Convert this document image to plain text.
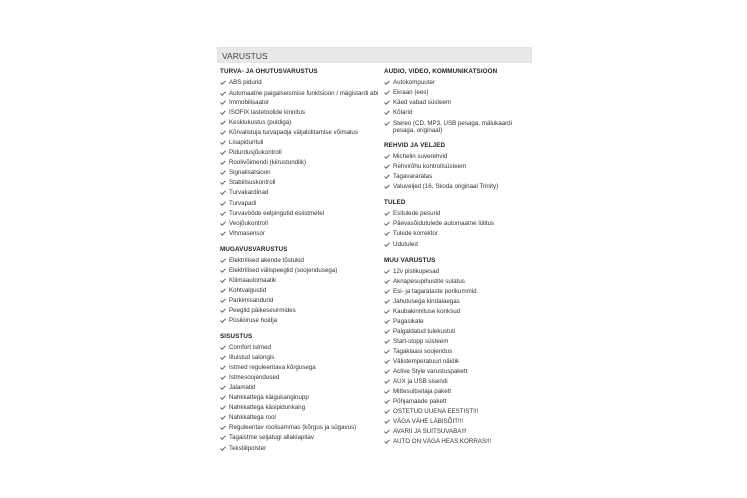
VARUSTUS
TURVA- JA OHUTUSVARUSTUS
ABS pidurid
Automaatne paigalseismise funktsioon / mägistardi abi
Immobilisaator
ISOFIX lastetoolide kinnitus
Kesklukustus (puldiga)
Kõrvalistuja turvapadja väljalülitamise võimalus
Lisapidurituli
Pidurdusjõukontroll
Roolivõimendi (kiirustundlik)
Signalisatsioon
Stabiilsuskontroll
Turvakardinad
Turvapadi
Turvavööde eelpingutid esiistmetel
Veojõukontroll
Vihmasensor
MUGAVUSVARUSTUS
Elektrilised akende tõstukid
Elektrilised välispeeglid (soojendusega)
Kliimaautomaatik
Kohtvalgustid
Parkimisandurid
Peeglid päikesesirmides
Püsikiiruse hoidja
SISUSTUS
Comfort istmed
Illuistud salongis
Istmed reguleeritava kõrgusega
Istmesoojendused
Jalamatid
Nahkkattega käigukanginupp
Nahkkattega käsipidurikang
Nahkkattega rool
Reguleeritav roolisammas (kõrgus ja sügavus)
Tagaistme seljatugi allaklapitav
Tekstiilpolster
AUDIO, VIDEO, KOMMUNIKATSIOON
Autokompuuter
Ekraan (ees)
Käed vabad süsteem
Kõlarid
Stereo (CD, MP3, USB pesaga, mälukaardi pesaga, originaal)
REHVID JA VELJED
Michelin suverehvid
Rehvirõhu kontrollsüsteem
Tagavararatas
Valuveljed (16, Skoda originaal Trinity)
TULED
Esitulede pesurid
Päevasõidutulede automaatne lülitus
Tulede korrektor
Udutuled
MUU VARUSTUS
12v pistikupesad
Aknapesupihustite sulatus
Esi- ja tagarataste porikummid
Jahutusega kindalaegas
Kaubakinnituse konksud
Pagasikate
Paigaldatud tulekustuti
Start-stopp süsteem
Tagaklaasi soojendus
Välistemperatuuri näidik
Active Style varustuspakett
AUX ja USB sisendi
Mittesuitsetaja pakett
Põhjamaade pakett
OSTETUD UUENA EESTIST!!!
VÄGA VÄHE LÄBISÕIT!!!
AVARII JA SUITSUVABA!!!
AUTO ON VÄGA HEAS KORRAS!!!
